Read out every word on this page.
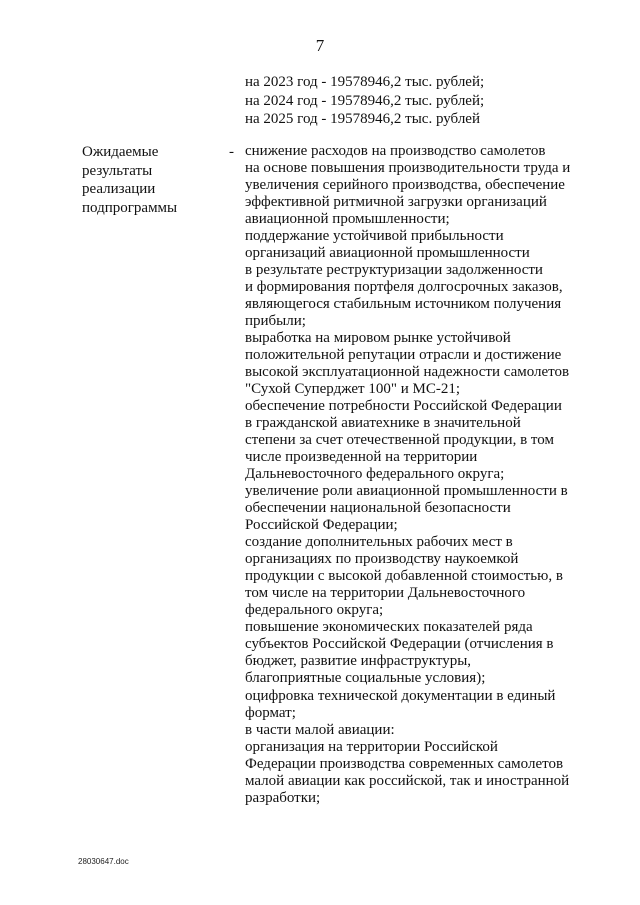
7
на 2023 год - 19578946,2 тыс. рублей;
на 2024 год - 19578946,2 тыс. рублей;
на 2025 год - 19578946,2 тыс. рублей
Ожидаемые
результаты
реализации
подпрограммы
- снижение расходов на производство самолетов
на основе повышения производительности труда и
увеличения серийного производства, обеспечение
эффективной ритмичной загрузки организаций
авиационной промышленности;
поддержание устойчивой прибыльности
организаций авиационной промышленности
в результате реструктуризации задолженности
и формирования портфеля долгосрочных заказов,
являющегося стабильным источником получения
прибыли;
выработка на мировом рынке устойчивой
положительной репутации отрасли и достижение
высокой эксплуатационной надежности самолетов
"Сухой Суперджет 100" и МС-21;
обеспечение потребности Российской Федерации
в гражданской авиатехнике в значительной
степени за счет отечественной продукции, в том
числе произведенной на территории
Дальневосточного федерального округа;
увеличение роли авиационной промышленности в
обеспечении национальной безопасности
Российской Федерации;
создание дополнительных рабочих мест в
организациях по производству наукоемкой
продукции с высокой добавленной стоимостью, в
том числе на территории Дальневосточного
федерального округа;
повышение экономических показателей ряда
субъектов Российской Федерации (отчисления в
бюджет, развитие инфраструктуры,
благоприятные социальные условия);
оцифровка технической документации в единый
формат;
в части малой авиации:
организация на территории Российской
Федерации производства современных самолетов
малой авиации как российской, так и иностранной
разработки;
28030647.doc
